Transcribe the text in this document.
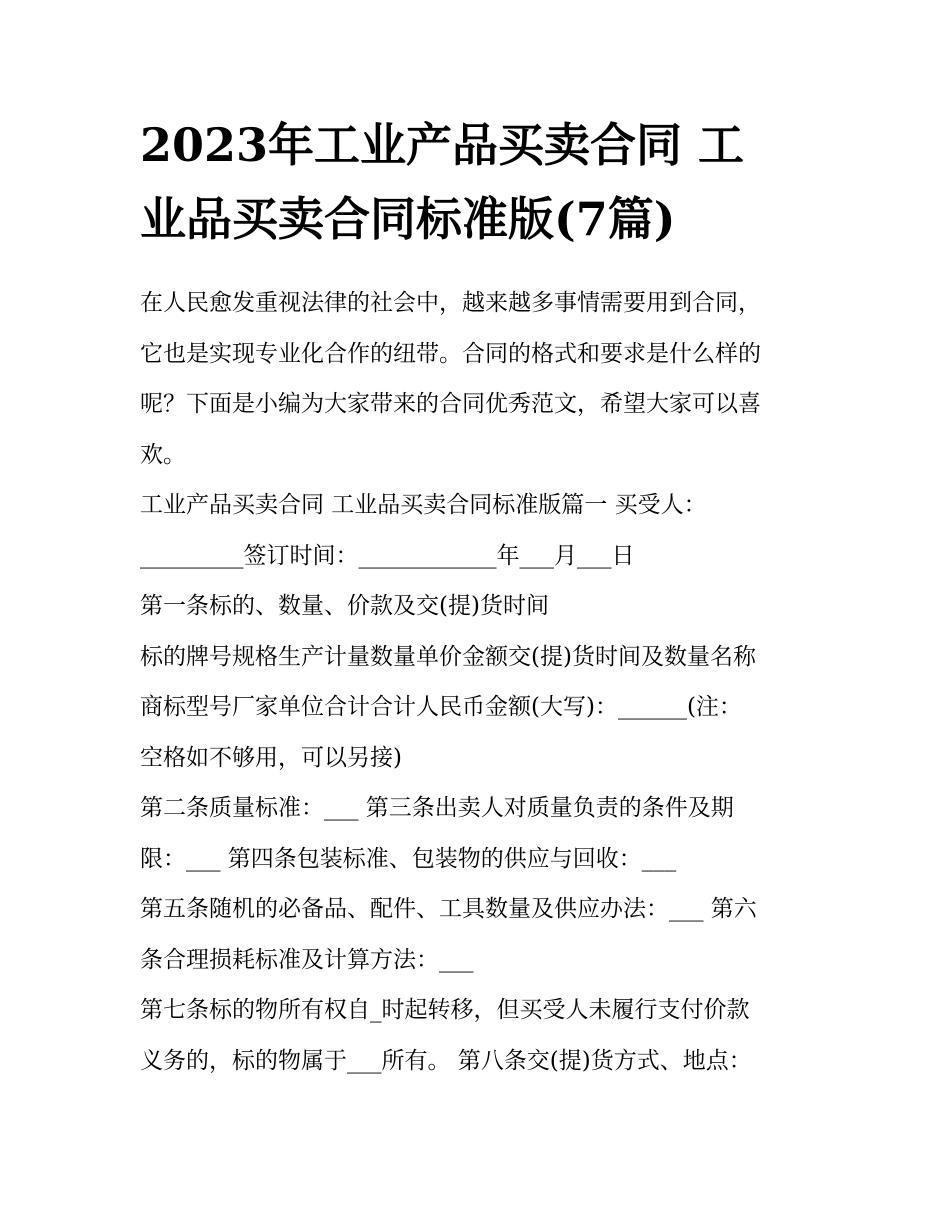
2023年工业产品买卖合同 工
业品买卖合同标准版(7篇)
在人民愈发重视法律的社会中，越来越多事情需要用到合同，
它也是实现专业化合作的纽带。合同的格式和要求是什么样的
呢？下面是小编为大家带来的合同优秀范文，希望大家可以喜
欢。
工业产品买卖合同 工业品买卖合同标准版篇一 买受人：
_________签订时间：____________年___月___日
第一条标的、数量、价款及交(提)货时间
标的牌号规格生产计量数量单价金额交(提)货时间及数量名称
商标型号厂家单位合计合计人民币金额(大写)：______(注：
空格如不够用，可以另接)
第二条质量标准：___ 第三条出卖人对质量负责的条件及期
限：___ 第四条包装标准、包装物的供应与回收：___
第五条随机的必备品、配件、工具数量及供应办法：___ 第六
条合理损耗标准及计算方法：___
第七条标的物所有权自_时起转移，但买受人未履行支付价款
义务的，标的物属于___所有。 第八条交(提)货方式、地点：
